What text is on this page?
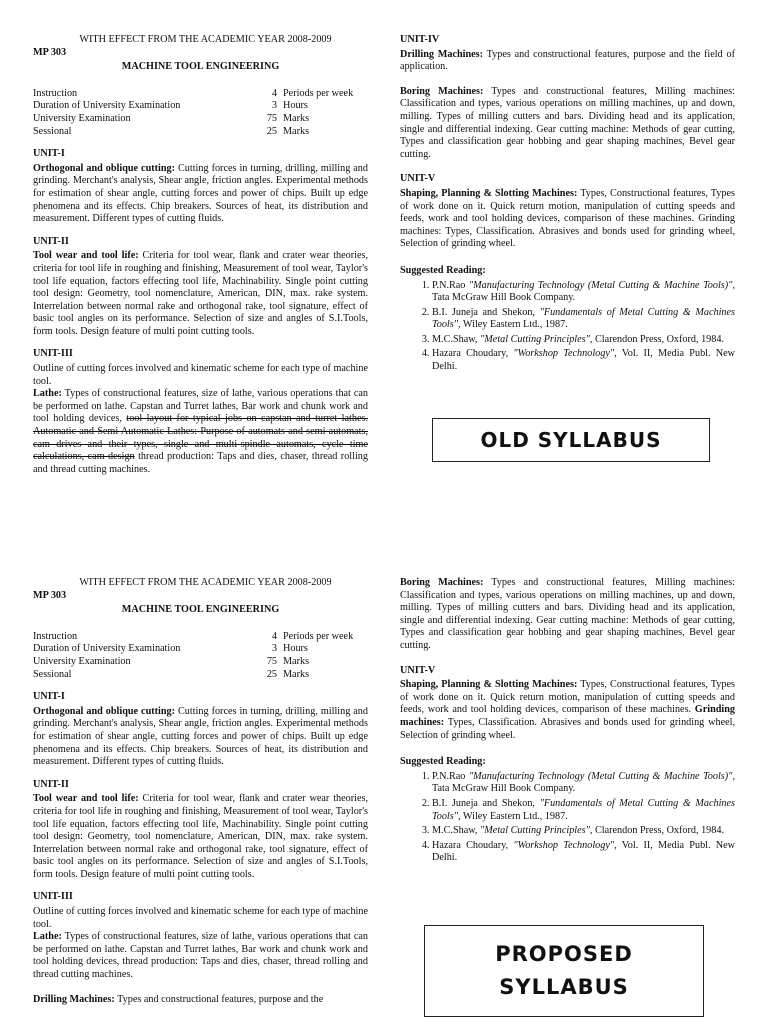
WITH EFFECT FROM THE ACADEMIC YEAR 2008-2009

MP 303

MACHINE TOOL ENGINEERING

Instruction	4 Periods per week
Duration of University Examination	3 Hours
University Examination	75 Marks
Sessional	25 Marks

UNIT-I

Orthogonal and oblique cutting: Cutting forces in turning, drilling, milling and grinding. Merchant's analysis, Shear angle, friction angles. Experimental methods for estimation of shear angle, cutting forces and power of chips. Built up edge phenomena and its effects. Chip breakers. Sources of heat, its distribution and measurement. Different types of cutting fluids.

UNIT-II

Tool wear and tool life: Criteria for tool wear, flank and crater wear theories, criteria for tool life in roughing and finishing, Measurement of tool wear, Taylor's tool life equation, factors effecting tool life, Machinability. Single point cutting tool design: Geometry, tool nomenclature, American, DIN, max. rake system. Interrelation between normal rake and orthogonal rake, tool signature, effect of basic tool angles on its performance. Selection of size and angles of S.I.Tools, form tools. Design feature of multi point cutting tools.

UNIT-III

Outline of cutting forces involved and kinematic scheme for each type of machine tool.

Lathe: Types of constructional features, size of lathe, various operations that can be performed on lathe. Capstan and Turret lathes, Bar work and chunk work and tool holding devices, tool layout for typical jobs on capstan and turret lathes. Automatic and Semi Automatic Lathes: Purpose of automats and semi automats, cam drives and their types, single and multi-spindle automats, cycle time calculations, cam design thread production: Taps and dies, chaser, thread rolling and thread cutting machines.

UNIT-IV

Drilling Machines: Types and constructional features, purpose and the field of application.

Boring Machines: Types and constructional features, Milling machines: Classification and types, various operations on milling machines, up and down, milling. Types of milling cutters and bars. Dividing head and its application, single and differential indexing. Gear cutting machine: Methods of gear cutting, Types and classification gear hobbing and gear shaping machines, Bevel gear cutting.

UNIT-V

Shaping, Planning & Slotting Machines: Types, Constructional features, Types of work done on it. Quick return motion, manipulation of cutting speeds and feeds, work and tool holding devices, comparison of these machines. Grinding machines: Types, Classification. Abrasives and bonds used for grinding wheel, Selection of grinding wheel.

Suggested Reading:

1. P.N.Rao "Manufacturing Technology (Metal Cutting & Machine Tools)", Tata McGraw Hill Book Company.
2. B.I. Juneja and Shekon, "Fundamentals of Metal Cutting & Machines Tools", Wiley Eastern Ltd., 1987.
3. M.C.Shaw, "Metal Cutting Principles", Clarendon Press, Oxford, 1984.
4. Hazara Choudary, "Workshop Technology", Vol. II, Media Publ. New Delhi.
OLD SYLLABUS

WITH EFFECT FROM THE ACADEMIC YEAR 2008-2009

MP 303

MACHINE TOOL ENGINEERING

Instruction	4 Periods per week
Duration of University Examination	3 Hours
University Examination	75 Marks
Sessional	25 Marks

UNIT-I

Orthogonal and oblique cutting: Cutting forces in turning, drilling, milling and grinding. Merchant's analysis, Shear angle, friction angles. Experimental methods for estimation of shear angle, cutting forces and power of chips. Built up edge phenomena and its effects. Chip breakers. Sources of heat, its distribution and measurement. Different types of cutting fluids.

UNIT-II

Tool wear and tool life: Criteria for tool wear, flank and crater wear theories, criteria for tool life in roughing and finishing, Measurement of tool wear, Taylor's tool life equation, factors effecting tool life, Machinability. Single point cutting tool design: Geometry, tool nomenclature, American, DIN, max. rake system. Interrelation between normal rake and orthogonal rake, tool signature, effect of basic tool angles on its performance. Selection of size and angles of S.I.Tools, form tools. Design feature of multi point cutting tools.

UNIT-III

Outline of cutting forces involved and kinematic scheme for each type of machine tool.

Lathe: Types of constructional features, size of lathe, various operations that can be performed on lathe. Capstan and Turret lathes, Bar work and chunk work and tool holding devices, thread production: Taps and dies, chaser, thread rolling and thread cutting machines.

Drilling Machines: Types and constructional features, purpose and the

Boring Machines: Types and constructional features, Milling machines: Classification and types, various operations on milling machines, up and down, milling. Types of milling cutters and bars. Dividing head and its application, single and differential indexing. Gear cutting machine: Methods of gear cutting, Types and classification gear hobbing and gear shaping machines, Bevel gear cutting.

UNIT-V

Shaping, Planning & Slotting Machines: Types, Constructional features, Types of work done on it. Quick return motion, manipulation of cutting speeds and feeds, work and tool holding devices, comparison of these machines. Grinding machines: Types, Classification. Abrasives and bonds used for grinding wheel, Selection of grinding wheel.

Suggested Reading:

1. P.N.Rao "Manufacturing Technology (Metal Cutting & Machine Tools)", Tata McGraw Hill Book Company.
2. B.I. Juneja and Shekon, "Fundamentals of Metal Cutting & Machines Tools", Wiley Eastern Ltd., 1987.
3. M.C.Shaw, "Metal Cutting Principles", Clarendon Press, Oxford, 1984.
4. Hazara Choudary, "Workshop Technology", Vol. II, Media Publ. New Delhi.
PROPOSED
SYLLABUS
